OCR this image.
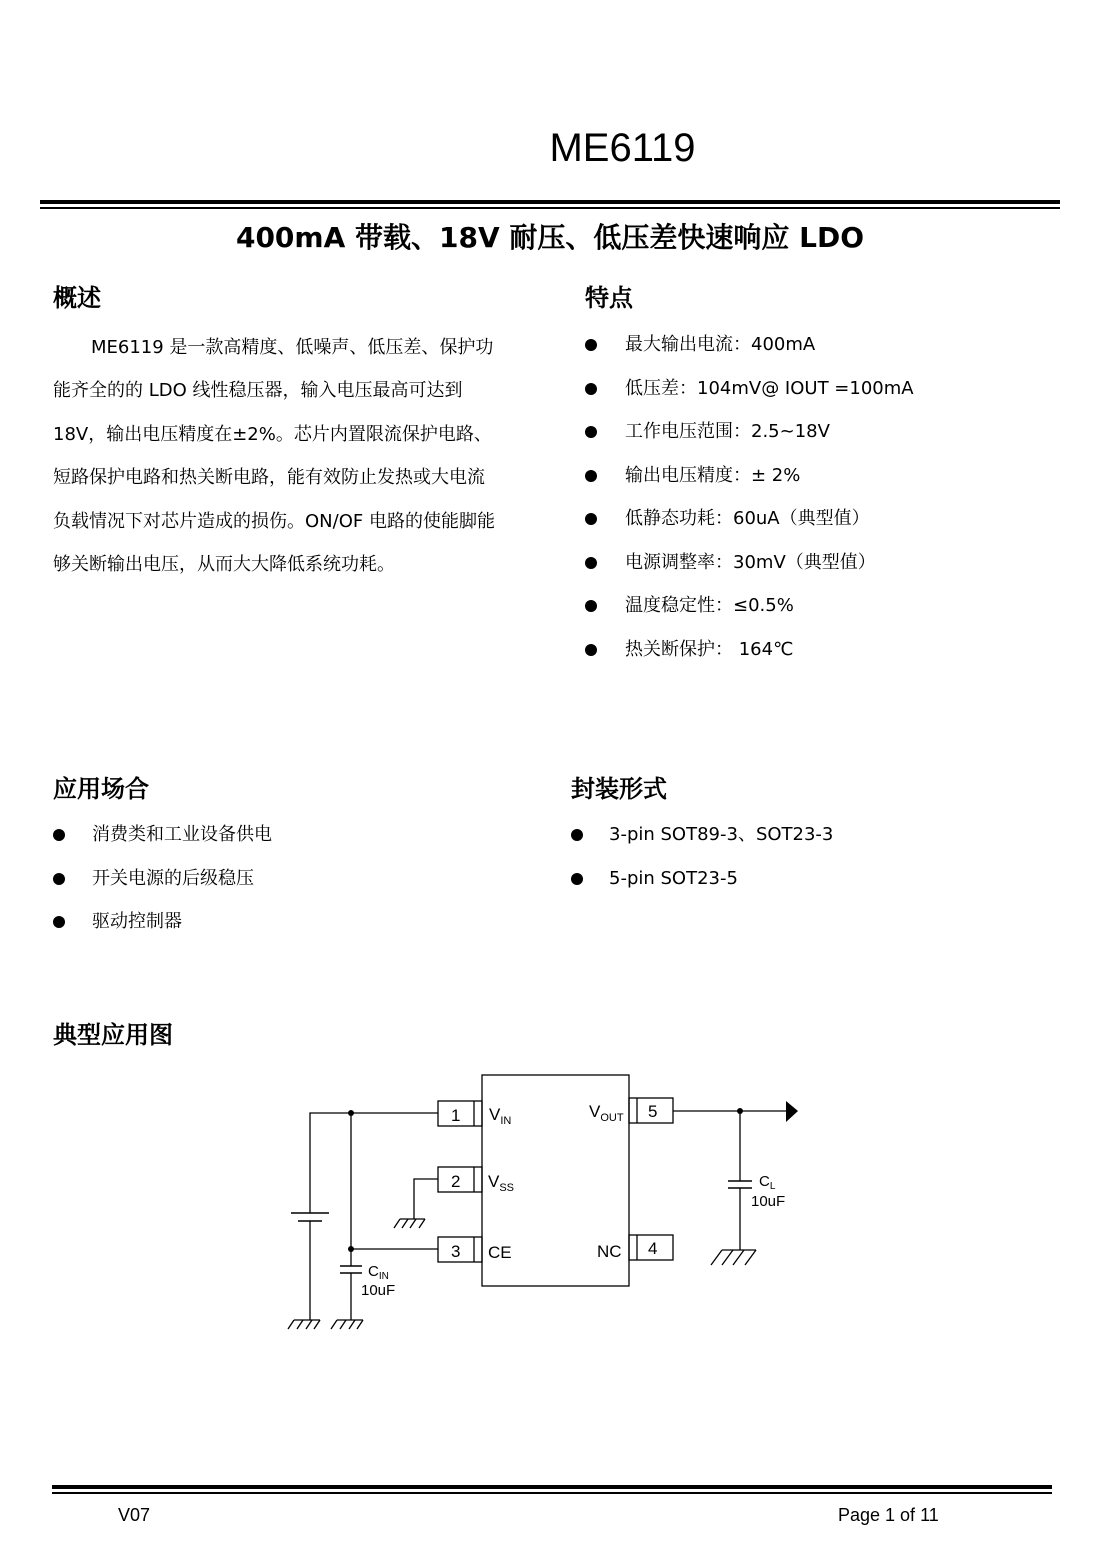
ME6119
400mA 带载、18V 耐压、低压差快速响应 LDO
概述
ME6119 是一款高精度、低噪声、低压差、保护功
能齐全的的 LDO 线性稳压器，输入电压最高可达到
18V，输出电压精度在±2%。芯片内置限流保护电路、
短路保护电路和热关断电路，能有效防止发热或大电流
负载情况下对芯片造成的损伤。ON/OF 电路的使能脚能
够关断输出电压，从而大大降低系统功耗。
特点
最大输出电流：400mA
低压差：104mV@ IOUT =100mA
工作电压范围：2.5~18V
输出电压精度：± 2%
低静态功耗：60uA（典型值）
电源调整率：30mV（典型值）
温度稳定性：≤0.5%
热关断保护： 164℃
应用场合
消费类和工业设备供电
开关电源的后级稳压
驱动控制器
封装形式
3-pin SOT89-3、SOT23-3
5-pin SOT23-5
典型应用图
1
2
3
5
4
$V_{IN}$
$V_{SS}$
CE
$V_{OUT}$
NC
$C_{IN}$
10uF
$C_L$
10uF
V07	Page 1 of 11
